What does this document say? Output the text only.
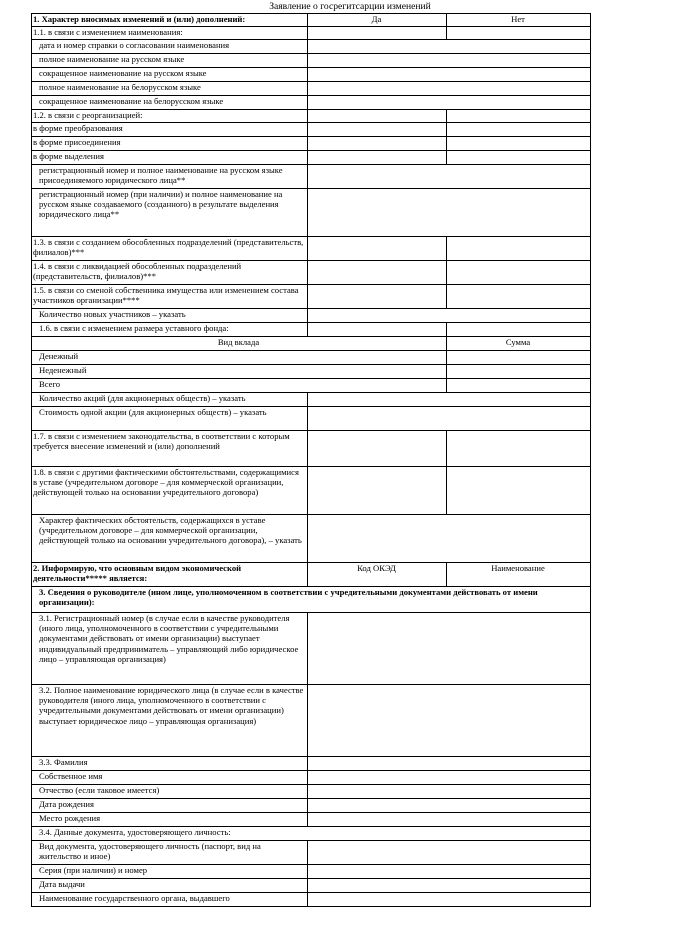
Заявление о госрегитсарции изменений
1. Характер вносимых изменений и (или) дополнений:	Да	Нет
1.1. в связи с изменением наименования:		
дата и номер справки о согласовании наименования		
полное наименование на русском языке		
сокращенное наименование на русском языке		
полное наименование на белорусском языке		
сокращенное наименование на белорусском языке		
1.2. в связи с реорганизацией:		
в форме преобразования		
в форме присоединения		
в форме выделения		
регистрационный номер и полное наименование на русском языке присоединяемого юридического лица**		
регистрационный номер (при наличии) и полное наименование на русском языке создаваемого (созданного) в результате выделения юридического лица**		
1.3. в связи с созданием обособленных подразделений (представительств, филиалов)***		
1.4. в связи с ликвидацией обособленных подразделений (представительств, филиалов)***		
1.5. в связи со сменой собственника имущества или изменением состава участников организации****		
Количество новых участников – указать		
1.6. в связи с изменением размера уставного фонда:		
Вид вклада		Сумма
Денежный		
Неденежный		
Всего		
Количество акций (для акционерных обществ) – указать		
Стоимость одной акции (для акционерных обществ) – указать		
1.7. в связи с изменением законодательства, в соответствии с которым требуется внесение изменений и (или) дополнений		
1.8. в связи с другими фактическими обстоятельствами, содержащимися в уставе (учредительном договоре – для коммерческой организации, действующей только на основании учредительного договора)		
Характер фактических обстоятельств, содержащихся в уставе (учредительном договоре – для коммерческой организации, действующей только на основании учредительного договора), – указать		
2. Информирую, что основным видом экономической деятельности***** является:	Код ОКЭД	Наименование
3. Сведения о руководителе (ином лице, уполномоченном в соответствии с учредительными документами действовать от имени организации):		
3.1. Регистрационный номер (в случае если в качестве руководителя (иного лица, уполномоченного в соответствии с учредительными документами действовать от имени организации) выступает индивидуальный предприниматель – управляющий либо юридическое лицо – управляющая организация)		
3.2. Полное наименование юридического лица (в случае если в качестве руководителя (иного лица, уполномоченного в соответствии с учредительными документами действовать от имени организации) выступает юридическое лицо – управляющая организация)		
3.3. Фамилия		
Собственное имя		
Отчество (если таковое имеется)		
Дата рождения		
Место рождения		
3.4. Данные документа, удостоверяющего личность:		
Вид документа, удостоверяющего личность (паспорт, вид на жительство и иное)		
Серия (при наличии) и номер		
Дата выдачи		
Наименование государственного органа, выдавшего		
